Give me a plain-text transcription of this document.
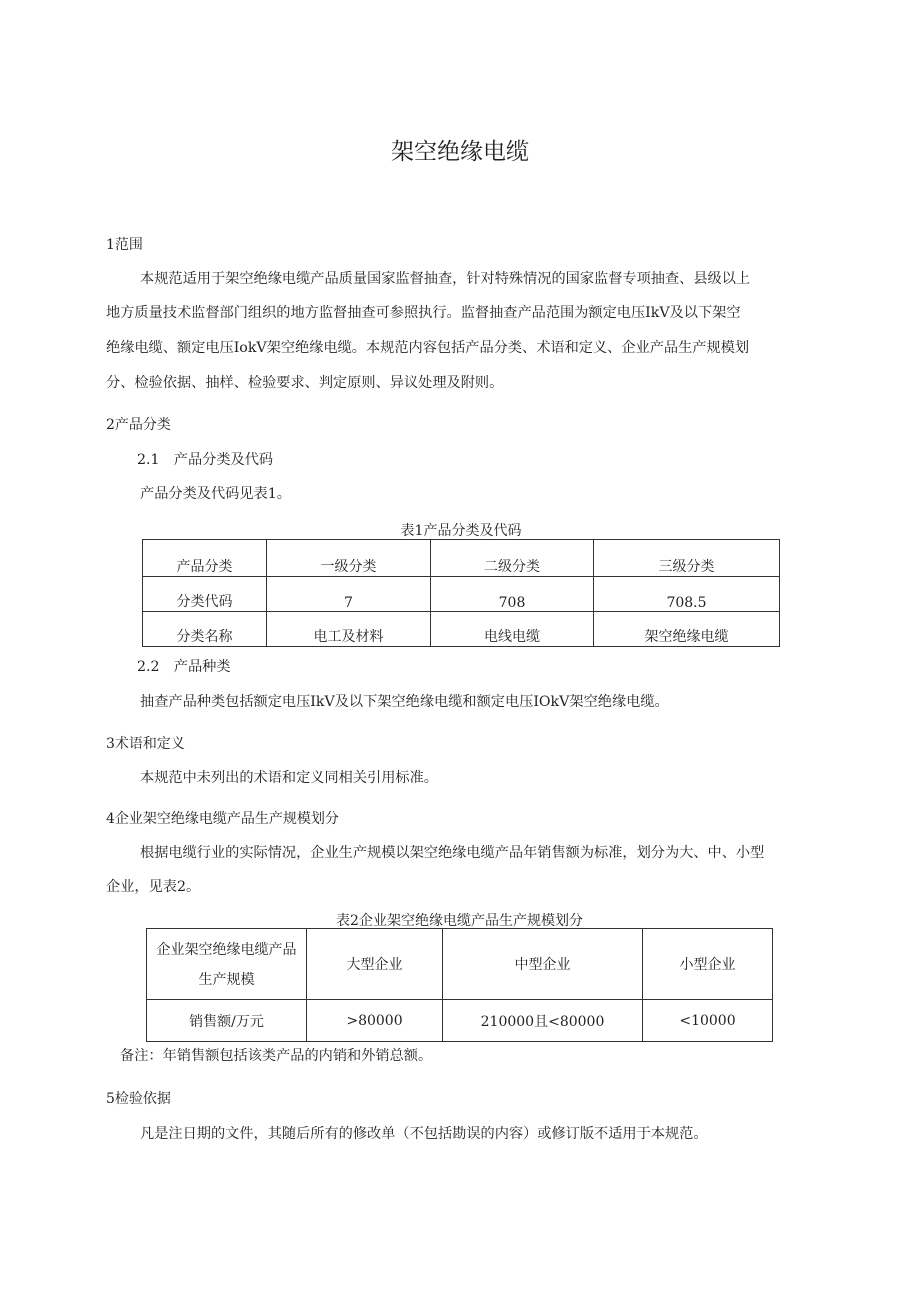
架空绝缘电缆
1范围
本规范适用于架空绝缘电缆产品质量国家监督抽查，针对特殊情况的国家监督专项抽查、县级以上
地方质量技术监督部门组织的地方监督抽查可参照执行。监督抽查产品范围为额定电压IkV及以下架空
绝缘电缆、额定电压IokV架空绝缘电缆。本规范内容包括产品分类、术语和定义、企业产品生产规模划
分、检验依据、抽样、检验要求、判定原则、异议处理及附则。
2产品分类
2.1　产品分类及代码
产品分类及代码见表1。
表1产品分类及代码
产品分类	一级分类	二级分类	三级分类
分类代码	7	708	708.5
分类名称	电工及材料	电线电缆	架空绝缘电缆
2.2　产品种类
抽查产品种类包括额定电压IkV及以下架空绝缘电缆和额定电压IOkV架空绝缘电缆。
3术语和定义
本规范中未列出的术语和定义同相关引用标准。
4企业架空绝缘电缆产品生产规模划分
根据电缆行业的实际情况，企业生产规模以架空绝缘电缆产品年销售额为标准，划分为大、中、小型
企业，见表2。
表2企业架空绝缘电缆产品生产规模划分
企业架空绝缘电缆产品
生产规模	大型企业	中型企业	小型企业
销售额/万元	>80000	210000且<80000	<10000
备注：年销售额包括该类产品的内销和外销总额。
5检验依据
凡是注日期的文件，其随后所有的修改单（不包括勘误的内容）或修订版不适用于本规范。
